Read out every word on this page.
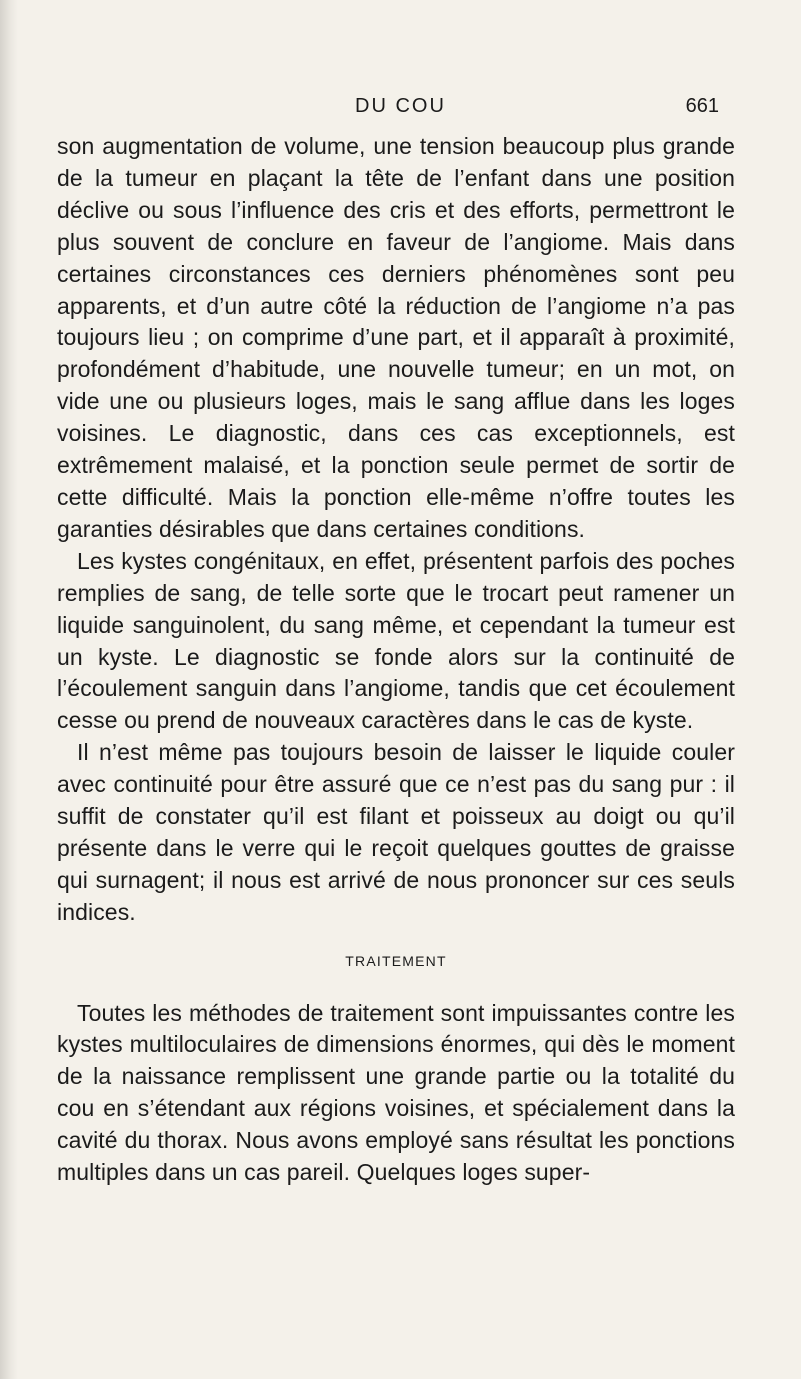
DU COU	661

son augmentation de volume, une tension beaucoup plus grande de la tumeur en plaçant la tête de l’enfant dans une position déclive ou sous l’influence des cris et des efforts, permettront le plus souvent de conclure en faveur de l’angiome. Mais dans certaines circonstances ces derniers phénomènes sont peu apparents, et d’un autre côté la réduction de l’angiome n’a pas toujours lieu ; on comprime d’une part, et il apparaît à proximité, profondément d’habitude, une nouvelle tumeur; en un mot, on vide une ou plusieurs loges, mais le sang afflue dans les loges voisines. Le diagnostic, dans ces cas exceptionnels, est extrêmement malaisé, et la ponction seule permet de sortir de cette difficulté. Mais la ponction elle-même n’offre toutes les garanties désirables que dans certaines conditions.

Les kystes congénitaux, en effet, présentent parfois des poches remplies de sang, de telle sorte que le trocart peut ramener un liquide sanguinolent, du sang même, et cependant la tumeur est un kyste. Le diagnostic se fonde alors sur la continuité de l’écoulement sanguin dans l’angiome, tandis que cet écoulement cesse ou prend de nouveaux caractères dans le cas de kyste.

Il n’est même pas toujours besoin de laisser le liquide couler avec continuité pour être assuré que ce n’est pas du sang pur : il suffit de constater qu’il est filant et poisseux au doigt ou qu’il présente dans le verre qui le reçoit quelques gouttes de graisse qui surnagent; il nous est arrivé de nous prononcer sur ces seuls indices.

TRAITEMENT

Toutes les méthodes de traitement sont impuissantes contre les kystes multiloculaires de dimensions énormes, qui dès le moment de la naissance remplissent une grande partie ou la totalité du cou en s’étendant aux régions voisines, et spécialement dans la cavité du thorax. Nous avons employé sans résultat les ponctions multiples dans un cas pareil. Quelques loges super-
